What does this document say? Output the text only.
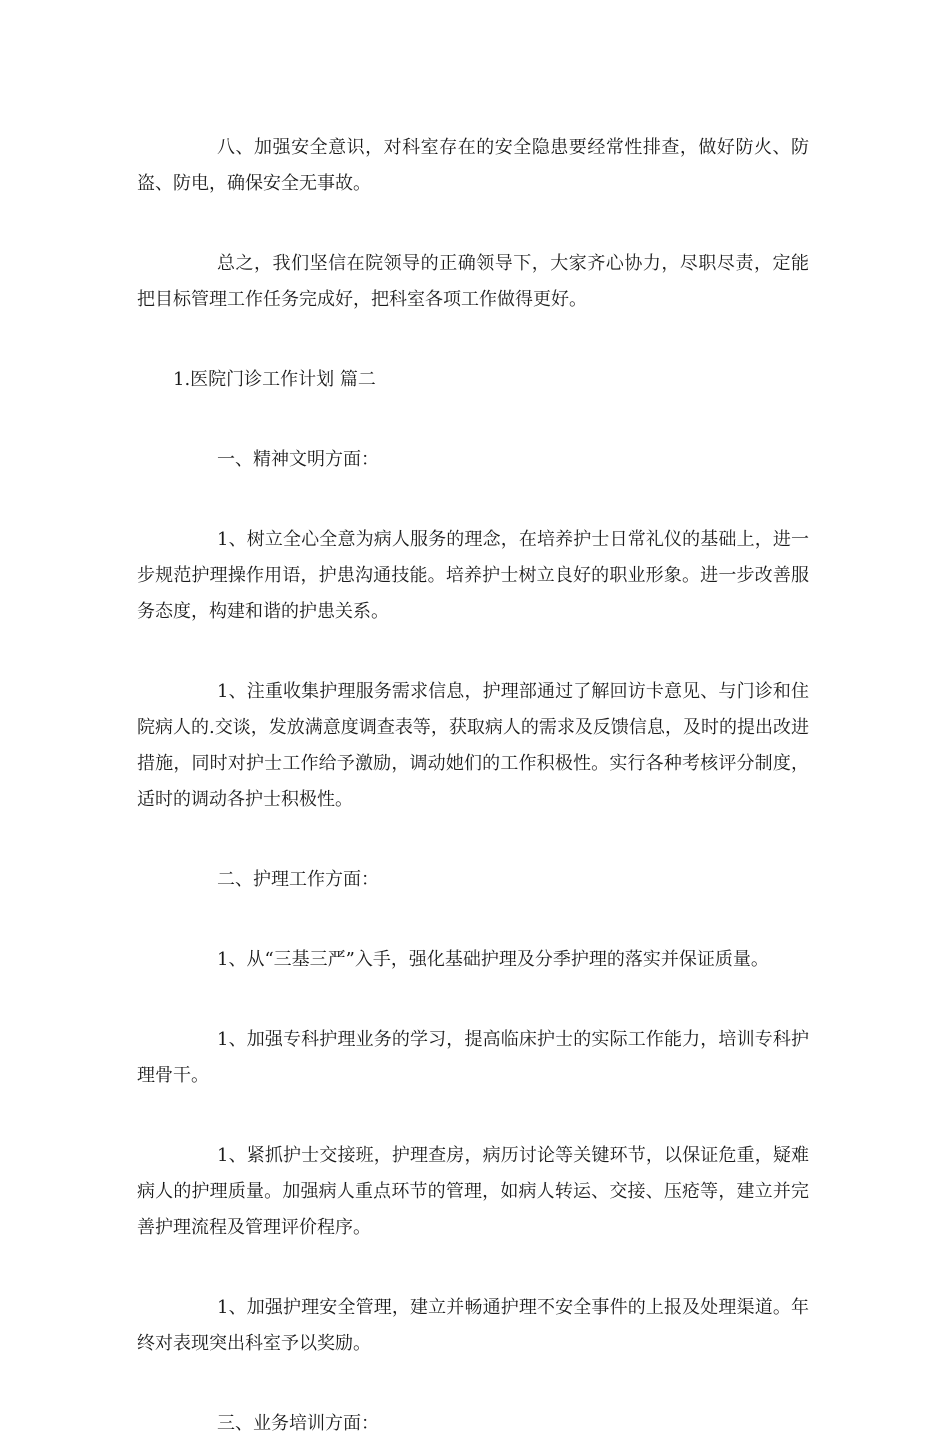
八、加强安全意识，对科室存在的安全隐患要经常性排查，做好防火、防盗、防电，确保安全无事故。

总之，我们坚信在院领导的正确领导下，大家齐心协力，尽职尽责，定能把目标管理工作任务完成好，把科室各项工作做得更好。

1.医院门诊工作计划 篇二

一、精神文明方面：

1、树立全心全意为病人服务的理念，在培养护士日常礼仪的基础上，进一步规范护理操作用语，护患沟通技能。培养护士树立良好的职业形象。进一步改善服务态度，构建和谐的护患关系。

1、注重收集护理服务需求信息，护理部通过了解回访卡意见、与门诊和住院病人的.交谈，发放满意度调查表等，获取病人的需求及反馈信息，及时的提出改进措施，同时对护士工作给予激励，调动她们的工作积极性。实行各种考核评分制度，适时的调动各护士积极性。

二、护理工作方面：

1、从“三基三严”入手，强化基础护理及分季护理的落实并保证质量。

1、加强专科护理业务的学习，提高临床护士的实际工作能力，培训专科护理骨干。

1、紧抓护士交接班，护理查房，病历讨论等关键环节，以保证危重，疑难病人的护理质量。加强病人重点环节的管理，如病人转运、交接、压疮等，建立并完善护理流程及管理评价程序。

1、加强护理安全管理，建立并畅通护理不安全事件的上报及处理渠道。年终对表现突出科室予以奖励。

三、业务培训方面：
